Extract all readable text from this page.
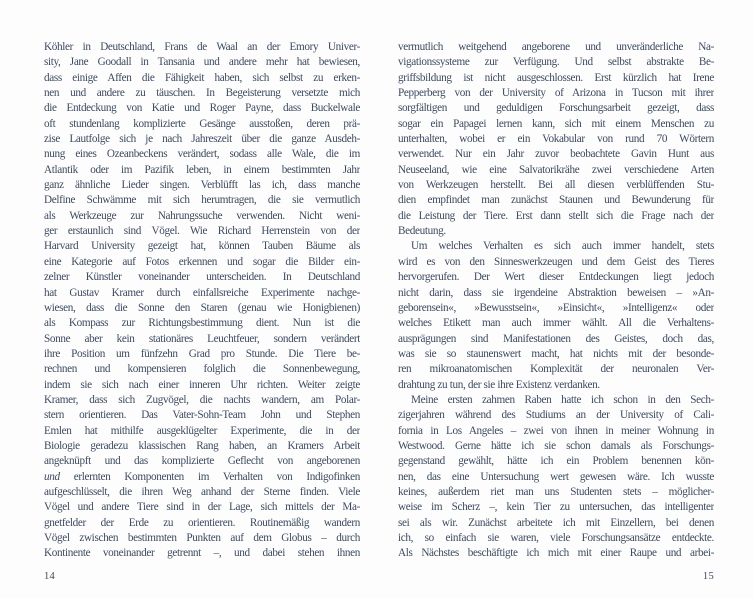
Köhler in Deutschland, Frans de Waal an der Emory Univer-
sity, Jane Goodall in Tansania und andere mehr hat bewiesen,
dass einige Affen die Fähigkeit haben, sich selbst zu erken-
nen und andere zu täuschen. In Begeisterung versetzte mich
die Entdeckung von Katie und Roger Payne, dass Buckelwale
oft stundenlang komplizierte Gesänge ausstoßen, deren prä-
zise Lautfolge sich je nach Jahreszeit über die ganze Ausdeh-
nung eines Ozeanbeckens verändert, sodass alle Wale, die im
Atlantik oder im Pazifik leben, in einem bestimmten Jahr
ganz ähnliche Lieder singen. Verblüfft las ich, dass manche
Delfine Schwämme mit sich herumtragen, die sie vermutlich
als Werkzeuge zur Nahrungssuche verwenden. Nicht weni-
ger erstaunlich sind Vögel. Wie Richard Herrenstein von der
Harvard University gezeigt hat, können Tauben Bäume als
eine Kategorie auf Fotos erkennen und sogar die Bilder ein-
zelner Künstler voneinander unterscheiden. In Deutschland
hat Gustav Kramer durch einfallsreiche Experimente nachge-
wiesen, dass die Sonne den Staren (genau wie Honigbienen)
als Kompass zur Richtungsbestimmung dient. Nun ist die
Sonne aber kein stationäres Leuchtfeuer, sondern verändert
ihre Position um fünfzehn Grad pro Stunde. Die Tiere be-
rechnen und kompensieren folglich die Sonnenbewegung,
indem sie sich nach einer inneren Uhr richten. Weiter zeigte
Kramer, dass sich Zugvögel, die nachts wandern, am Polar-
stern orientieren. Das Vater-Sohn-Team John und Stephen
Emlen hat mithilfe ausgeklügelter Experimente, die in der
Biologie geradezu klassischen Rang haben, an Kramers Arbeit
angeknüpft und das komplizierte Geflecht von angeborenen
und erlernten Komponenten im Verhalten von Indigofinken
aufgeschlüsselt, die ihren Weg anhand der Sterne finden. Viele
Vögel und andere Tiere sind in der Lage, sich mittels der Ma-
gnetfelder der Erde zu orientieren. Routinemäßig wandern
Vögel zwischen bestimmten Punkten auf dem Globus – durch
Kontinente voneinander getrennt –, und dabei stehen ihnen
14
vermutlich weitgehend angeborene und unveränderliche Na-
vigationssysteme zur Verfügung. Und selbst abstrakte Be-
griffsbildung ist nicht ausgeschlossen. Erst kürzlich hat Irene
Pepperberg von der University of Arizona in Tucson mit ihrer
sorgfältigen und geduldigen Forschungsarbeit gezeigt, dass
sogar ein Papagei lernen kann, sich mit einem Menschen zu
unterhalten, wobei er ein Vokabular von rund 70 Wörtern
verwendet. Nur ein Jahr zuvor beobachtete Gavin Hunt aus
Neuseeland, wie eine Salvatorikrähe zwei verschiedene Arten
von Werkzeugen herstellt. Bei all diesen verblüffenden Stu-
dien empfindet man zunächst Staunen und Bewunderung für
die Leistung der Tiere. Erst dann stellt sich die Frage nach der
Bedeutung.
Um welches Verhalten es sich auch immer handelt, stets
wird es von den Sinneswerkzeugen und dem Geist des Tieres
hervorgerufen. Der Wert dieser Entdeckungen liegt jedoch
nicht darin, dass sie irgendeine Abstraktion beweisen – »An-
geborensein«, »Bewusstsein«, »Einsicht«, »Intelligenz« oder
welches Etikett man auch immer wählt. All die Verhaltens-
ausprägungen sind Manifestationen des Geistes, doch das,
was sie so staunenswert macht, hat nichts mit der besonde-
ren mikroanatomischen Komplexität der neuronalen Ver-
drahtung zu tun, der sie ihre Existenz verdanken.
Meine ersten zahmen Raben hatte ich schon in den Sech-
zigerjahren während des Studiums an der University of Cali-
fornia in Los Angeles – zwei von ihnen in meiner Wohnung in
Westwood. Gerne hätte ich sie schon damals als Forschungs-
gegenstand gewählt, hätte ich ein Problem benennen kön-
nen, das eine Untersuchung wert gewesen wäre. Ich wusste
keines, außerdem riet man uns Studenten stets – möglicher-
weise im Scherz –, kein Tier zu untersuchen, das intelligenter
sei als wir. Zunächst arbeitete ich mit Einzellern, bei denen
ich, so einfach sie waren, viele Forschungsansätze entdeckte.
Als Nächstes beschäftigte ich mich mit einer Raupe und arbei-
15
